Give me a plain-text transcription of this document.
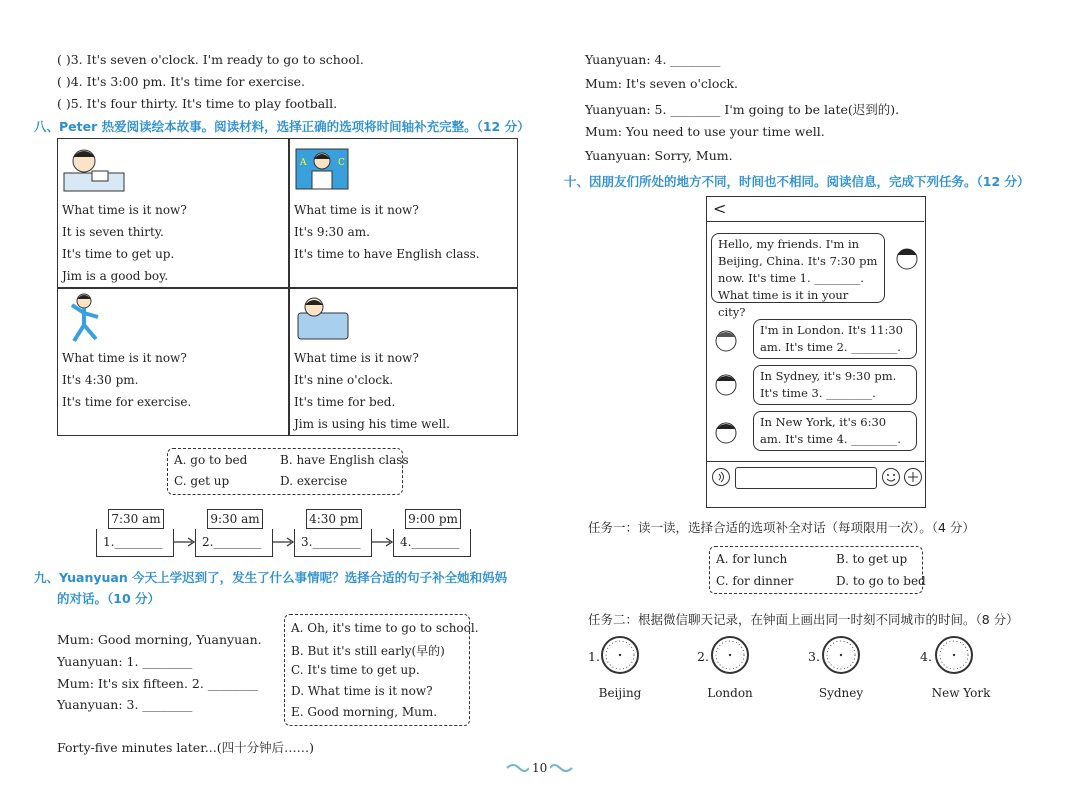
( )3. It's seven o'clock. I'm ready to go to school.
( )4. It's 3:00 pm. It's time for exercise.
( )5. It's four thirty. It's time to play football.
八、Peter 热爱阅读绘本故事。阅读材料，选择正确的选项将时间轴补充完整。（12 分）
What time is it now?
It is seven thirty.
It's time to get up.
Jim is a good boy.
A	C
What time is it now?
It's 9:30 am.
It's time to have English class.
What time is it now?
It's 4:30 pm.
It's time for exercise.
What time is it now?
It's nine o'clock.
It's time for bed.
Jim is using his time well.
A. go to bed	B. have English class
C. get up	D. exercise
7:30 am
1.________
9:30 am
2.________
4:30 pm
3.________
9:00 pm
4.________
九、Yuanyuan 今天上学迟到了，发生了什么事情呢？选择合适的句子补全她和妈妈
的对话。（10 分）
Mum: Good morning, Yuanyuan.
Yuanyuan: 1. ________
Mum: It's six fifteen. 2. ________
Yuanyuan: 3. ________
A. Oh, it's time to go to school.
B. But it's still early(早的)
C. It's time to get up.
D. What time is it now?
E. Good morning, Mum.
Forty-five minutes later...(四十分钟后……)
Yuanyuan: 4. ________
Mum: It's seven o'clock.
Yuanyuan: 5. ________ I'm going to be late(迟到的).
Mum: You need to use your time well.
Yuanyuan: Sorry, Mum.
十、因朋友们所处的地方不同，时间也不相同。阅读信息，完成下列任务。（12 分）
<
Hello, my friends. I'm in Beijing, China. It's 7:30 pm now. It's time 1. ________. What time is it in your city?
I'm in London. It's 11:30 am. It's time 2. ________.
In Sydney, it's 9:30 pm. It's time 3. ________.
In New York, it's 6:30 am. It's time 4. ________.
任务一：读一读，选择合适的选项补全对话（每项限用一次）。（4 分）
A. for lunch	B. to get up
C. for dinner	D. to go to bed
任务二：根据微信聊天记录，在钟面上画出同一时刻不同城市的时间。（8 分）
1.
Beijing
2.
London
3.
Sydney
4.
New York
10
